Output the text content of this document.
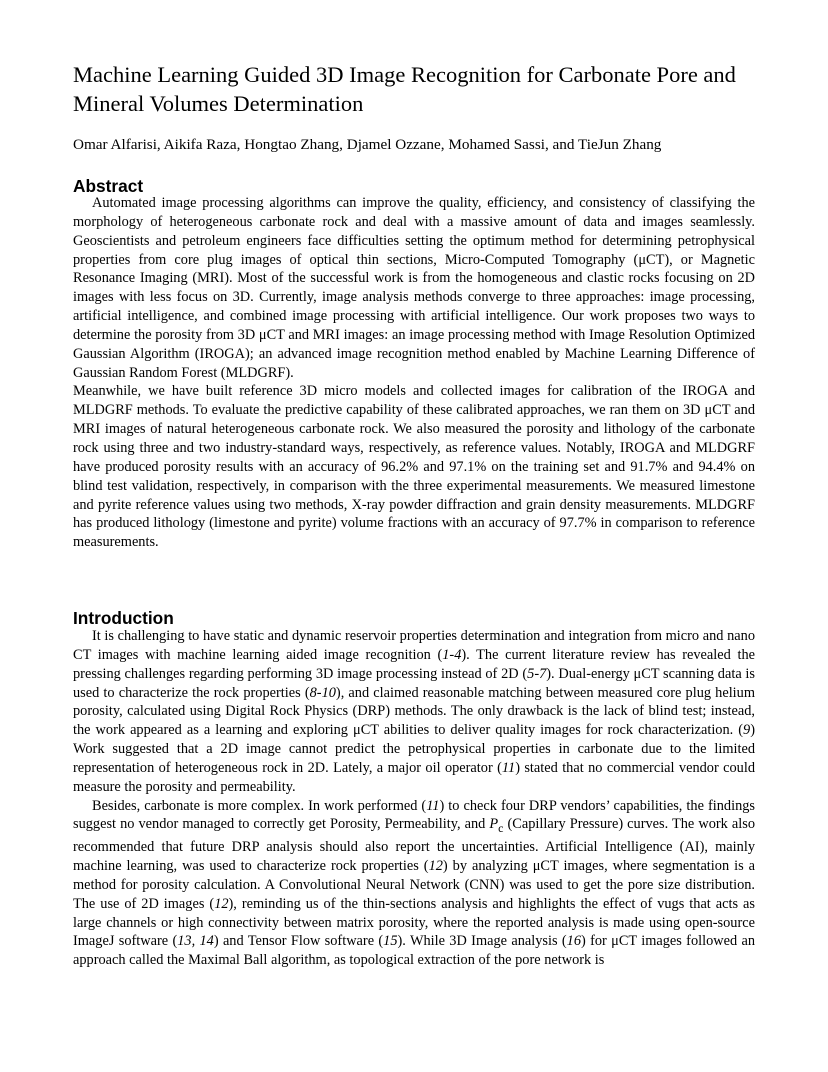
Machine Learning Guided 3D Image Recognition for Carbonate Pore and Mineral Volumes Determination
Omar Alfarisi, Aikifa Raza, Hongtao Zhang, Djamel Ozzane, Mohamed Sassi, and TieJun Zhang
Abstract

Automated image processing algorithms can improve the quality, efficiency, and consistency of classifying the morphology of heterogeneous carbonate rock and deal with a massive amount of data and images seamlessly. Geoscientists and petroleum engineers face difficulties setting the optimum method for determining petrophysical properties from core plug images of optical thin sections, Micro-Computed Tomography (μCT), or Magnetic Resonance Imaging (MRI). Most of the successful work is from the homogeneous and clastic rocks focusing on 2D images with less focus on 3D. Currently, image analysis methods converge to three approaches: image processing, artificial intelligence, and combined image processing with artificial intelligence. Our work proposes two ways to determine the porosity from 3D μCT and MRI images: an image processing method with Image Resolution Optimized Gaussian Algorithm (IROGA); an advanced image recognition method enabled by Machine Learning Difference of Gaussian Random Forest (MLDGRF).

Meanwhile, we have built reference 3D micro models and collected images for calibration of the IROGA and MLDGRF methods. To evaluate the predictive capability of these calibrated approaches, we ran them on 3D μCT and MRI images of natural heterogeneous carbonate rock. We also measured the porosity and lithology of the carbonate rock using three and two industry-standard ways, respectively, as reference values. Notably, IROGA and MLDGRF have produced porosity results with an accuracy of 96.2% and 97.1% on the training set and 91.7% and 94.4% on blind test validation, respectively, in comparison with the three experimental measurements. We measured limestone and pyrite reference values using two methods, X-ray powder diffraction and grain density measurements. MLDGRF has produced lithology (limestone and pyrite) volume fractions with an accuracy of 97.7% in comparison to reference measurements.

Introduction

It is challenging to have static and dynamic reservoir properties determination and integration from micro and nano CT images with machine learning aided image recognition (1-4). The current literature review has revealed the pressing challenges regarding performing 3D image processing instead of 2D (5-7). Dual-energy μCT scanning data is used to characterize the rock properties (8-10), and claimed reasonable matching between measured core plug helium porosity, calculated using Digital Rock Physics (DRP) methods. The only drawback is the lack of blind test; instead, the work appeared as a learning and exploring μCT abilities to deliver quality images for rock characterization. (9) Work suggested that a 2D image cannot predict the petrophysical properties in carbonate due to the limited representation of heterogeneous rock in 2D. Lately, a major oil operator (11) stated that no commercial vendor could measure the porosity and permeability.

Besides, carbonate is more complex. In work performed (11) to check four DRP vendors’ capabilities, the findings suggest no vendor managed to correctly get Porosity, Permeability, and $P_c$ (Capillary Pressure) curves. The work also recommended that future DRP analysis should also report the uncertainties. Artificial Intelligence (AI), mainly machine learning, was used to characterize rock properties (12) by analyzing μCT images, where segmentation is a method for porosity calculation. A Convolutional Neural Network (CNN) was used to get the pore size distribution. The use of 2D images (12), reminding us of the thin-sections analysis and highlights the effect of vugs that acts as large channels or high connectivity between matrix porosity, where the reported analysis is made using open-source ImageJ software (13, 14) and Tensor Flow software (15). While 3D Image analysis (16) for μCT images followed an approach called the Maximal Ball algorithm, as topological extraction of the pore network is
